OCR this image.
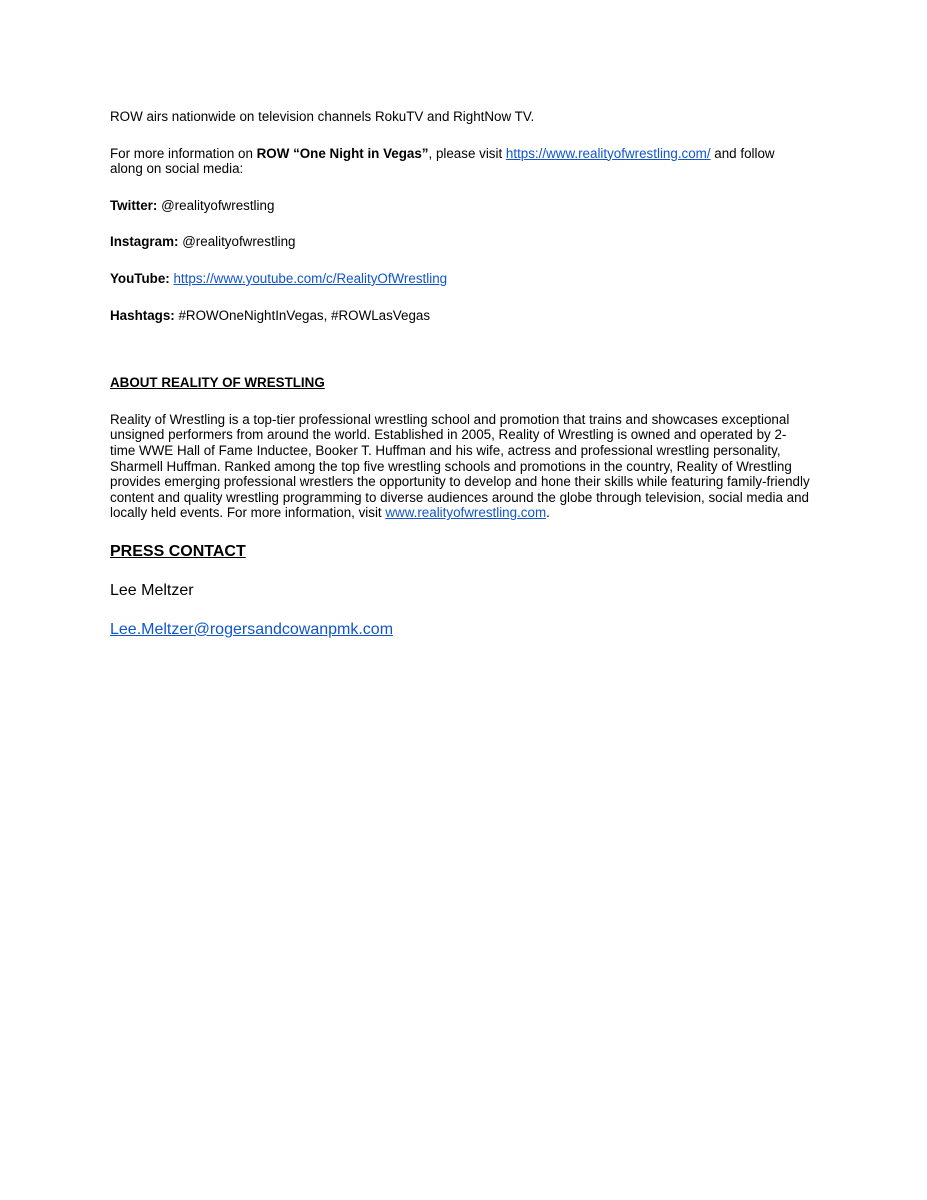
ROW airs nationwide on television channels RokuTV and RightNow TV.

For more information on ROW “One Night in Vegas”, please visit https://www.realityofwrestling.com/ and follow along on social media:

Twitter: @realityofwrestling

Instagram: @realityofwrestling

YouTube: https://www.youtube.com/c/RealityOfWrestling

Hashtags: #ROWOneNightInVegas, #ROWLasVegas

ABOUT REALITY OF WRESTLING

Reality of Wrestling is a top-tier professional wrestling school and promotion that trains and showcases exceptional unsigned performers from around the world. Established in 2005, Reality of Wrestling is owned and operated by 2-time WWE Hall of Fame Inductee, Booker T. Huffman and his wife, actress and professional wrestling personality, Sharmell Huffman. Ranked among the top five wrestling schools and promotions in the country, Reality of Wrestling provides emerging professional wrestlers the opportunity to develop and hone their skills while featuring family-friendly content and quality wrestling programming to diverse audiences around the globe through television, social media and locally held events. For more information, visit www.realityofwrestling.com.

PRESS CONTACT

Lee Meltzer

Lee.Meltzer@rogersandcowanpmk.com
